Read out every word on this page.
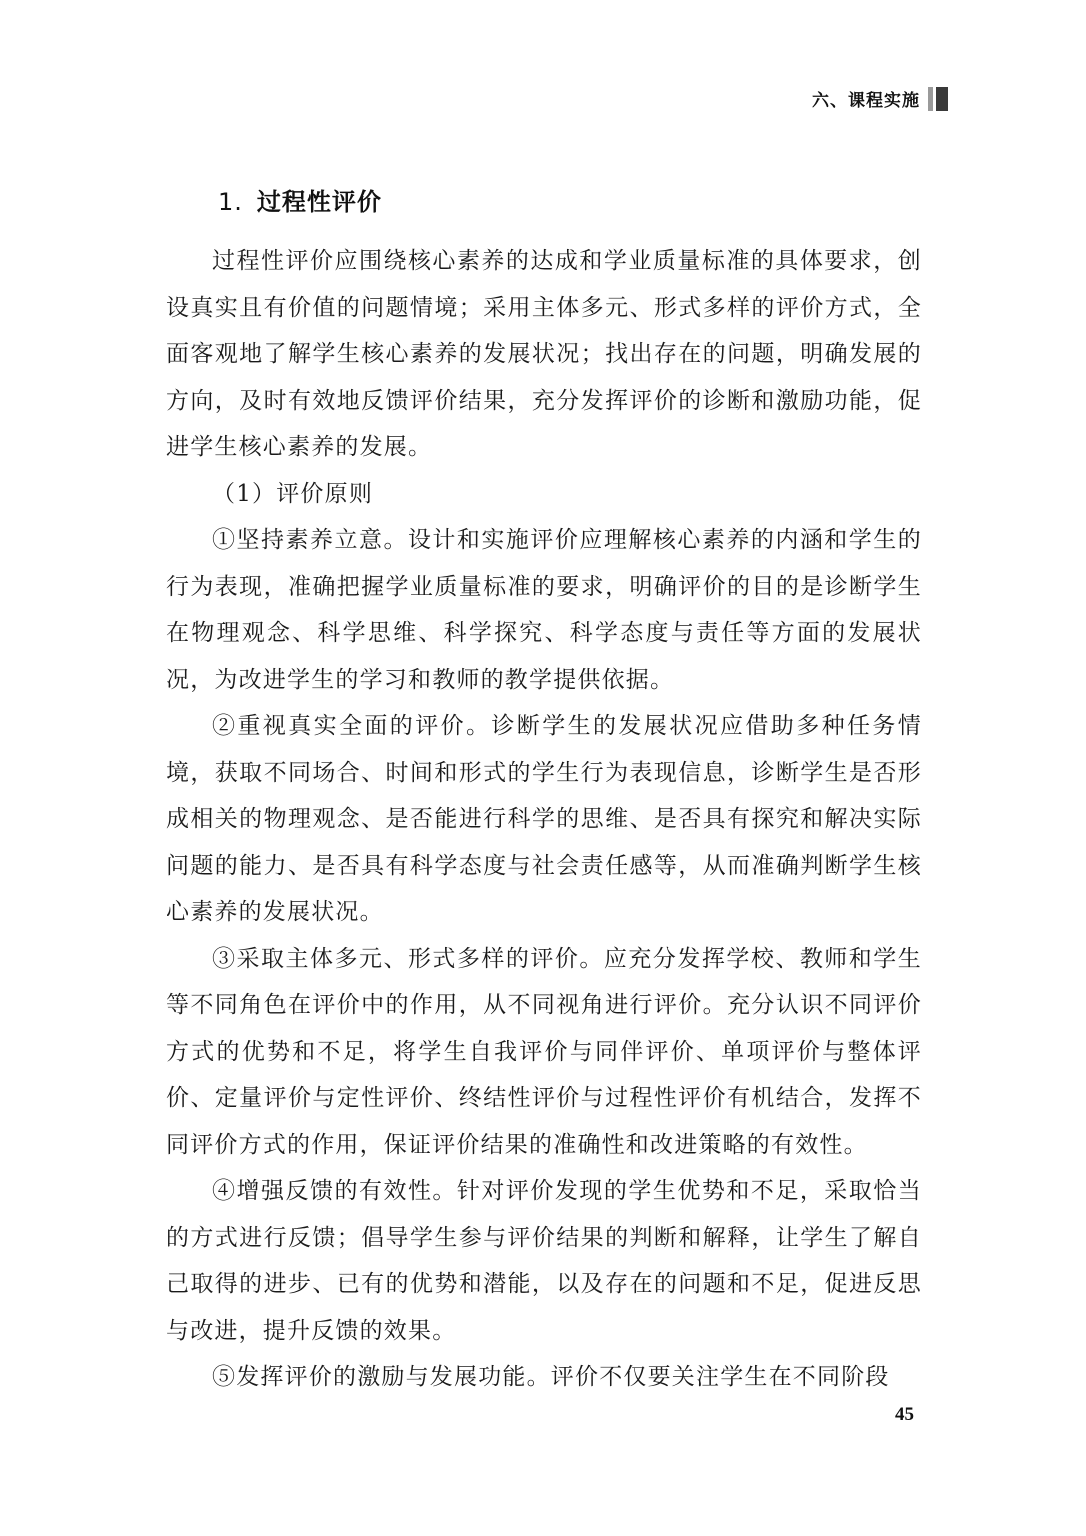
六、课程实施
1. 过程性评价

过程性评价应围绕核心素养的达成和学业质量标准的具体要求，创设真实且有价值的问题情境；采用主体多元、形式多样的评价方式，全面客观地了解学生核心素养的发展状况；找出存在的问题，明确发展的方向，及时有效地反馈评价结果，充分发挥评价的诊断和激励功能，促进学生核心素养的发展。

（1）评价原则

①坚持素养立意。设计和实施评价应理解核心素养的内涵和学生的行为表现，准确把握学业质量标准的要求，明确评价的目的是诊断学生在物理观念、科学思维、科学探究、科学态度与责任等方面的发展状况，为改进学生的学习和教师的教学提供依据。

②重视真实全面的评价。诊断学生的发展状况应借助多种任务情境，获取不同场合、时间和形式的学生行为表现信息，诊断学生是否形成相关的物理观念、是否能进行科学的思维、是否具有探究和解决实际问题的能力、是否具有科学态度与社会责任感等，从而准确判断学生核心素养的发展状况。

③采取主体多元、形式多样的评价。应充分发挥学校、教师和学生等不同角色在评价中的作用，从不同视角进行评价。充分认识不同评价方式的优势和不足，将学生自我评价与同伴评价、单项评价与整体评价、定量评价与定性评价、终结性评价与过程性评价有机结合，发挥不同评价方式的作用，保证评价结果的准确性和改进策略的有效性。

④增强反馈的有效性。针对评价发现的学生优势和不足，采取恰当的方式进行反馈；倡导学生参与评价结果的判断和解释，让学生了解自己取得的进步、已有的优势和潜能，以及存在的问题和不足，促进反思与改进，提升反馈的效果。

⑤发挥评价的激励与发展功能。评价不仅要关注学生在不同阶段

45
